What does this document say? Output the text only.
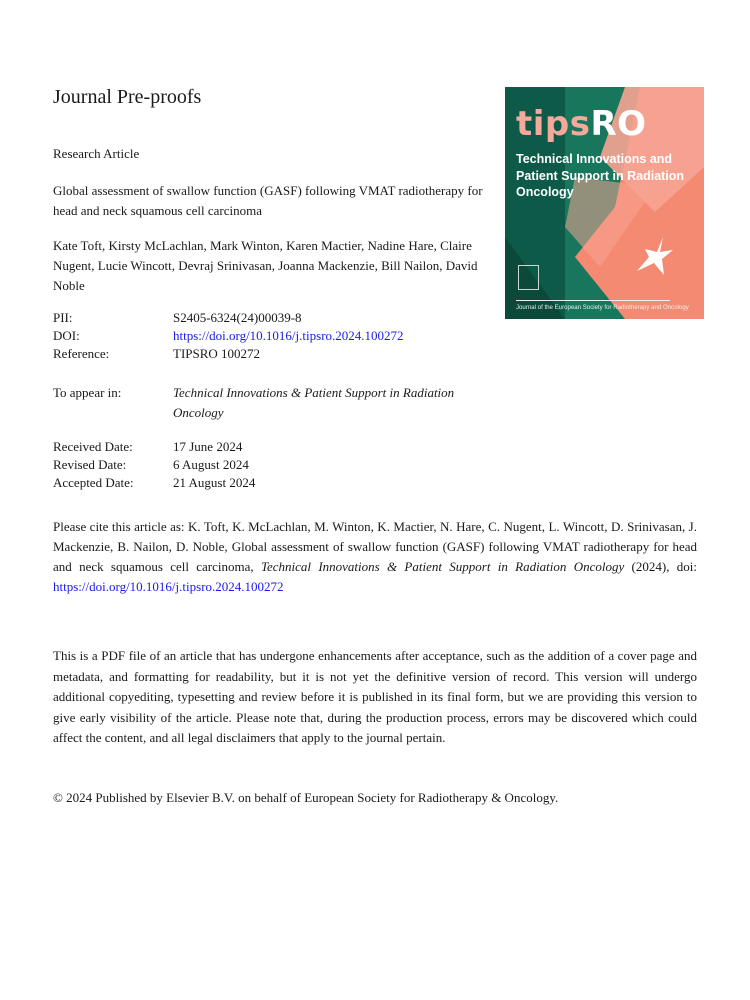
Journal Pre-proofs
Research Article
Global assessment of swallow function (GASF) following VMAT radiotherapy for head and neck squamous cell carcinoma
Kate Toft, Kirsty McLachlan, Mark Winton, Karen Mactier, Nadine Hare, Claire Nugent, Lucie Wincott, Devraj Srinivasan, Joanna Mackenzie, Bill Nailon, David Noble
PII:	S2405-6324(24)00039-8
DOI:	https://doi.org/10.1016/j.tipsro.2024.100272
Reference:	TIPSRO 100272
To appear in:	Technical Innovations & Patient Support in Radiation Oncology
Received Date:	17 June 2024
Revised Date:	6 August 2024
Accepted Date:	21 August 2024
Please cite this article as: K. Toft, K. McLachlan, M. Winton, K. Mactier, N. Hare, C. Nugent, L. Wincott, D. Srinivasan, J. Mackenzie, B. Nailon, D. Noble, Global assessment of swallow function (GASF) following VMAT radiotherapy for head and neck squamous cell carcinoma, Technical Innovations & Patient Support in Radiation Oncology (2024), doi: https://doi.org/10.1016/j.tipsro.2024.100272
This is a PDF file of an article that has undergone enhancements after acceptance, such as the addition of a cover page and metadata, and formatting for readability, but it is not yet the definitive version of record. This version will undergo additional copyediting, typesetting and review before it is published in its final form, but we are providing this version to give early visibility of the article. Please note that, during the production process, errors may be discovered which could affect the content, and all legal disclaimers that apply to the journal pertain.
© 2024 Published by Elsevier B.V. on behalf of European Society for Radiotherapy & Oncology.
tipsRO
Technical Innovations and Patient Support in Radiation Oncology
Journal of the European Society for Radiotherapy and Oncology
